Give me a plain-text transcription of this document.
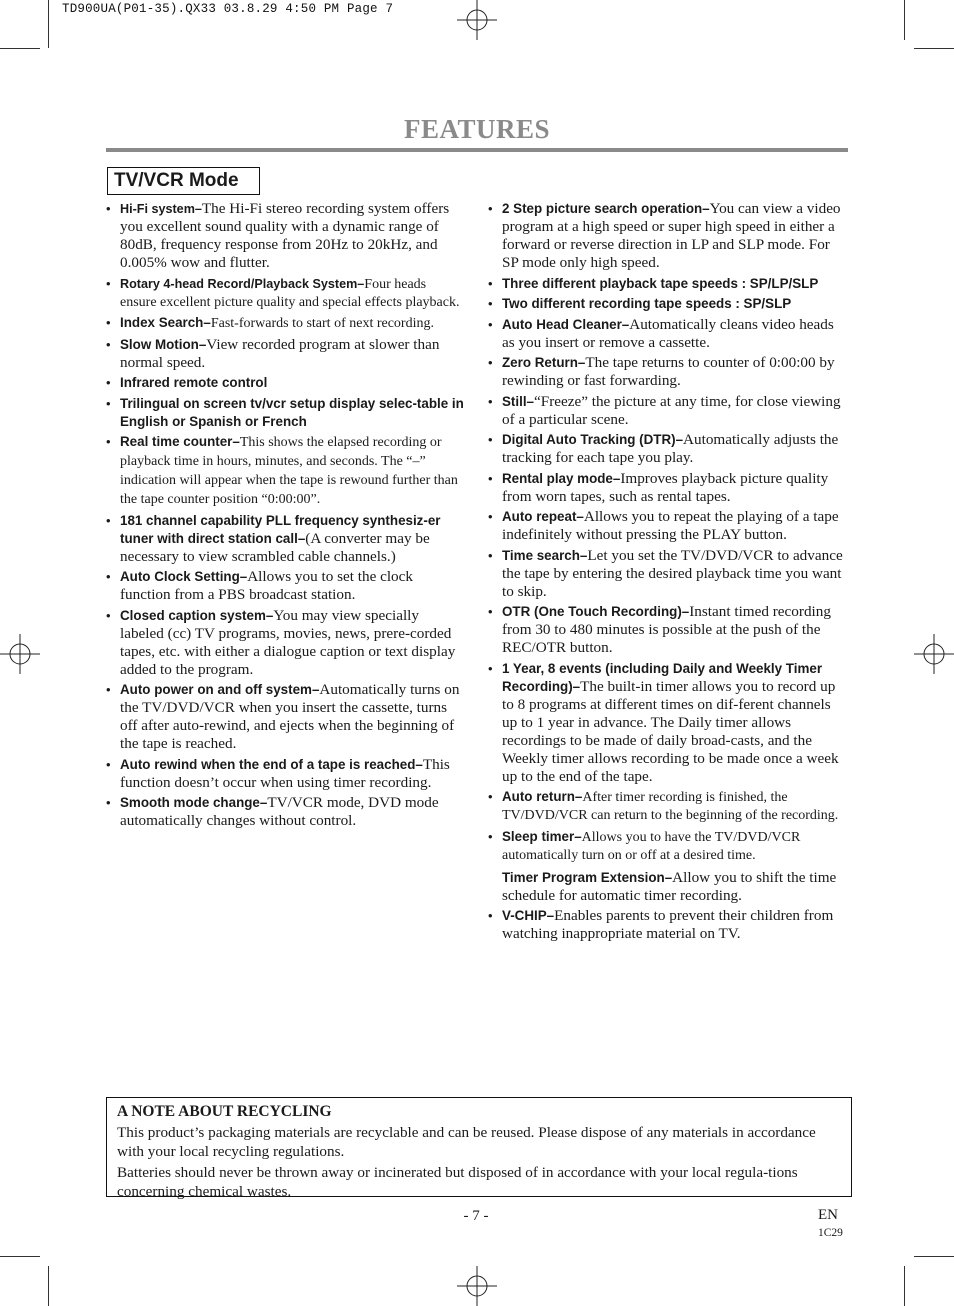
TD900UA(P01-35).QX33 03.8.29 4:50 PM Page 7
FEATURES
TV/VCR Mode
• Hi-Fi system–The Hi-Fi stereo recording system offers you excellent sound quality with a dynamic range of 80dB, frequency response from 20Hz to 20kHz, and 0.005% wow and flutter.
• Rotary 4-head Record/Playback System–Four heads ensure excellent picture quality and special effects playback.
• Index Search–Fast-forwards to start of next recording.
• Slow Motion–View recorded program at slower than normal speed.
• Infrared remote control
• Trilingual on screen tv/vcr setup display selec-table in English or Spanish or French
• Real time counter–This shows the elapsed recording or playback time in hours, minutes, and seconds. The “–” indication will appear when the tape is rewound further than the tape counter position “0:00:00”.
• 181 channel capability PLL frequency synthesiz-er tuner with direct station call–(A converter may be necessary to view scrambled cable channels.)
• Auto Clock Setting–Allows you to set the clock function from a PBS broadcast station.
• Closed caption system–You may view specially labeled (cc) TV programs, movies, news, prere-corded tapes, etc. with either a dialogue caption or text display added to the program.
• Auto power on and off system–Automatically turns on the TV/DVD/VCR when you insert the cassette, turns off after auto-rewind, and ejects when the beginning of the tape is reached.
• Auto rewind when the end of a tape is reached–This function doesn’t occur when using timer recording.
• Smooth mode change–TV/VCR mode, DVD mode automatically changes without control.
• 2 Step picture search operation–You can view a video program at a high speed or super high speed in either a forward or reverse direction in LP and SLP mode. For SP mode only high speed.
• Three different playback tape speeds : SP/LP/SLP
• Two different recording tape speeds : SP/SLP
• Auto Head Cleaner–Automatically cleans video heads as you insert or remove a cassette.
• Zero Return–The tape returns to counter of 0:00:00 by rewinding or fast forwarding.
• Still–“Freeze” the picture at any time, for close viewing of a particular scene.
• Digital Auto Tracking (DTR)–Automatically adjusts the tracking for each tape you play.
• Rental play mode–Improves playback picture quality from worn tapes, such as rental tapes.
• Auto repeat–Allows you to repeat the playing of a tape indefinitely without pressing the PLAY button.
• Time search–Let you set the TV/DVD/VCR to advance the tape by entering the desired playback time you want to skip.
• OTR (One Touch Recording)–Instant timed recording from 30 to 480 minutes is possible at the push of the REC/OTR button.
• 1 Year, 8 events (including Daily and Weekly Timer Recording)–The built-in timer allows you to record up to 8 programs at different times on dif-ferent channels up to 1 year in advance. The Daily timer allows recordings to be made of daily broad-casts, and the Weekly timer allows recording to be made once a week up to the end of the tape.
• Auto return–After timer recording is finished, the TV/DVD/VCR can return to the beginning of the recording.
• Sleep timer–Allows you to have the TV/DVD/VCR automatically turn on or off at a desired time.
Timer Program Extension–Allow you to shift the time schedule for automatic timer recording.
• V-CHIP–Enables parents to prevent their children from watching inappropriate material on TV.

A NOTE ABOUT RECYCLING

This product’s packaging materials are recyclable and can be reused. Please dispose of any materials in accordance with your local recycling regulations.

Batteries should never be thrown away or incinerated but disposed of in accordance with your local regula-tions concerning chemical wastes.

- 7 -	EN
1C29
